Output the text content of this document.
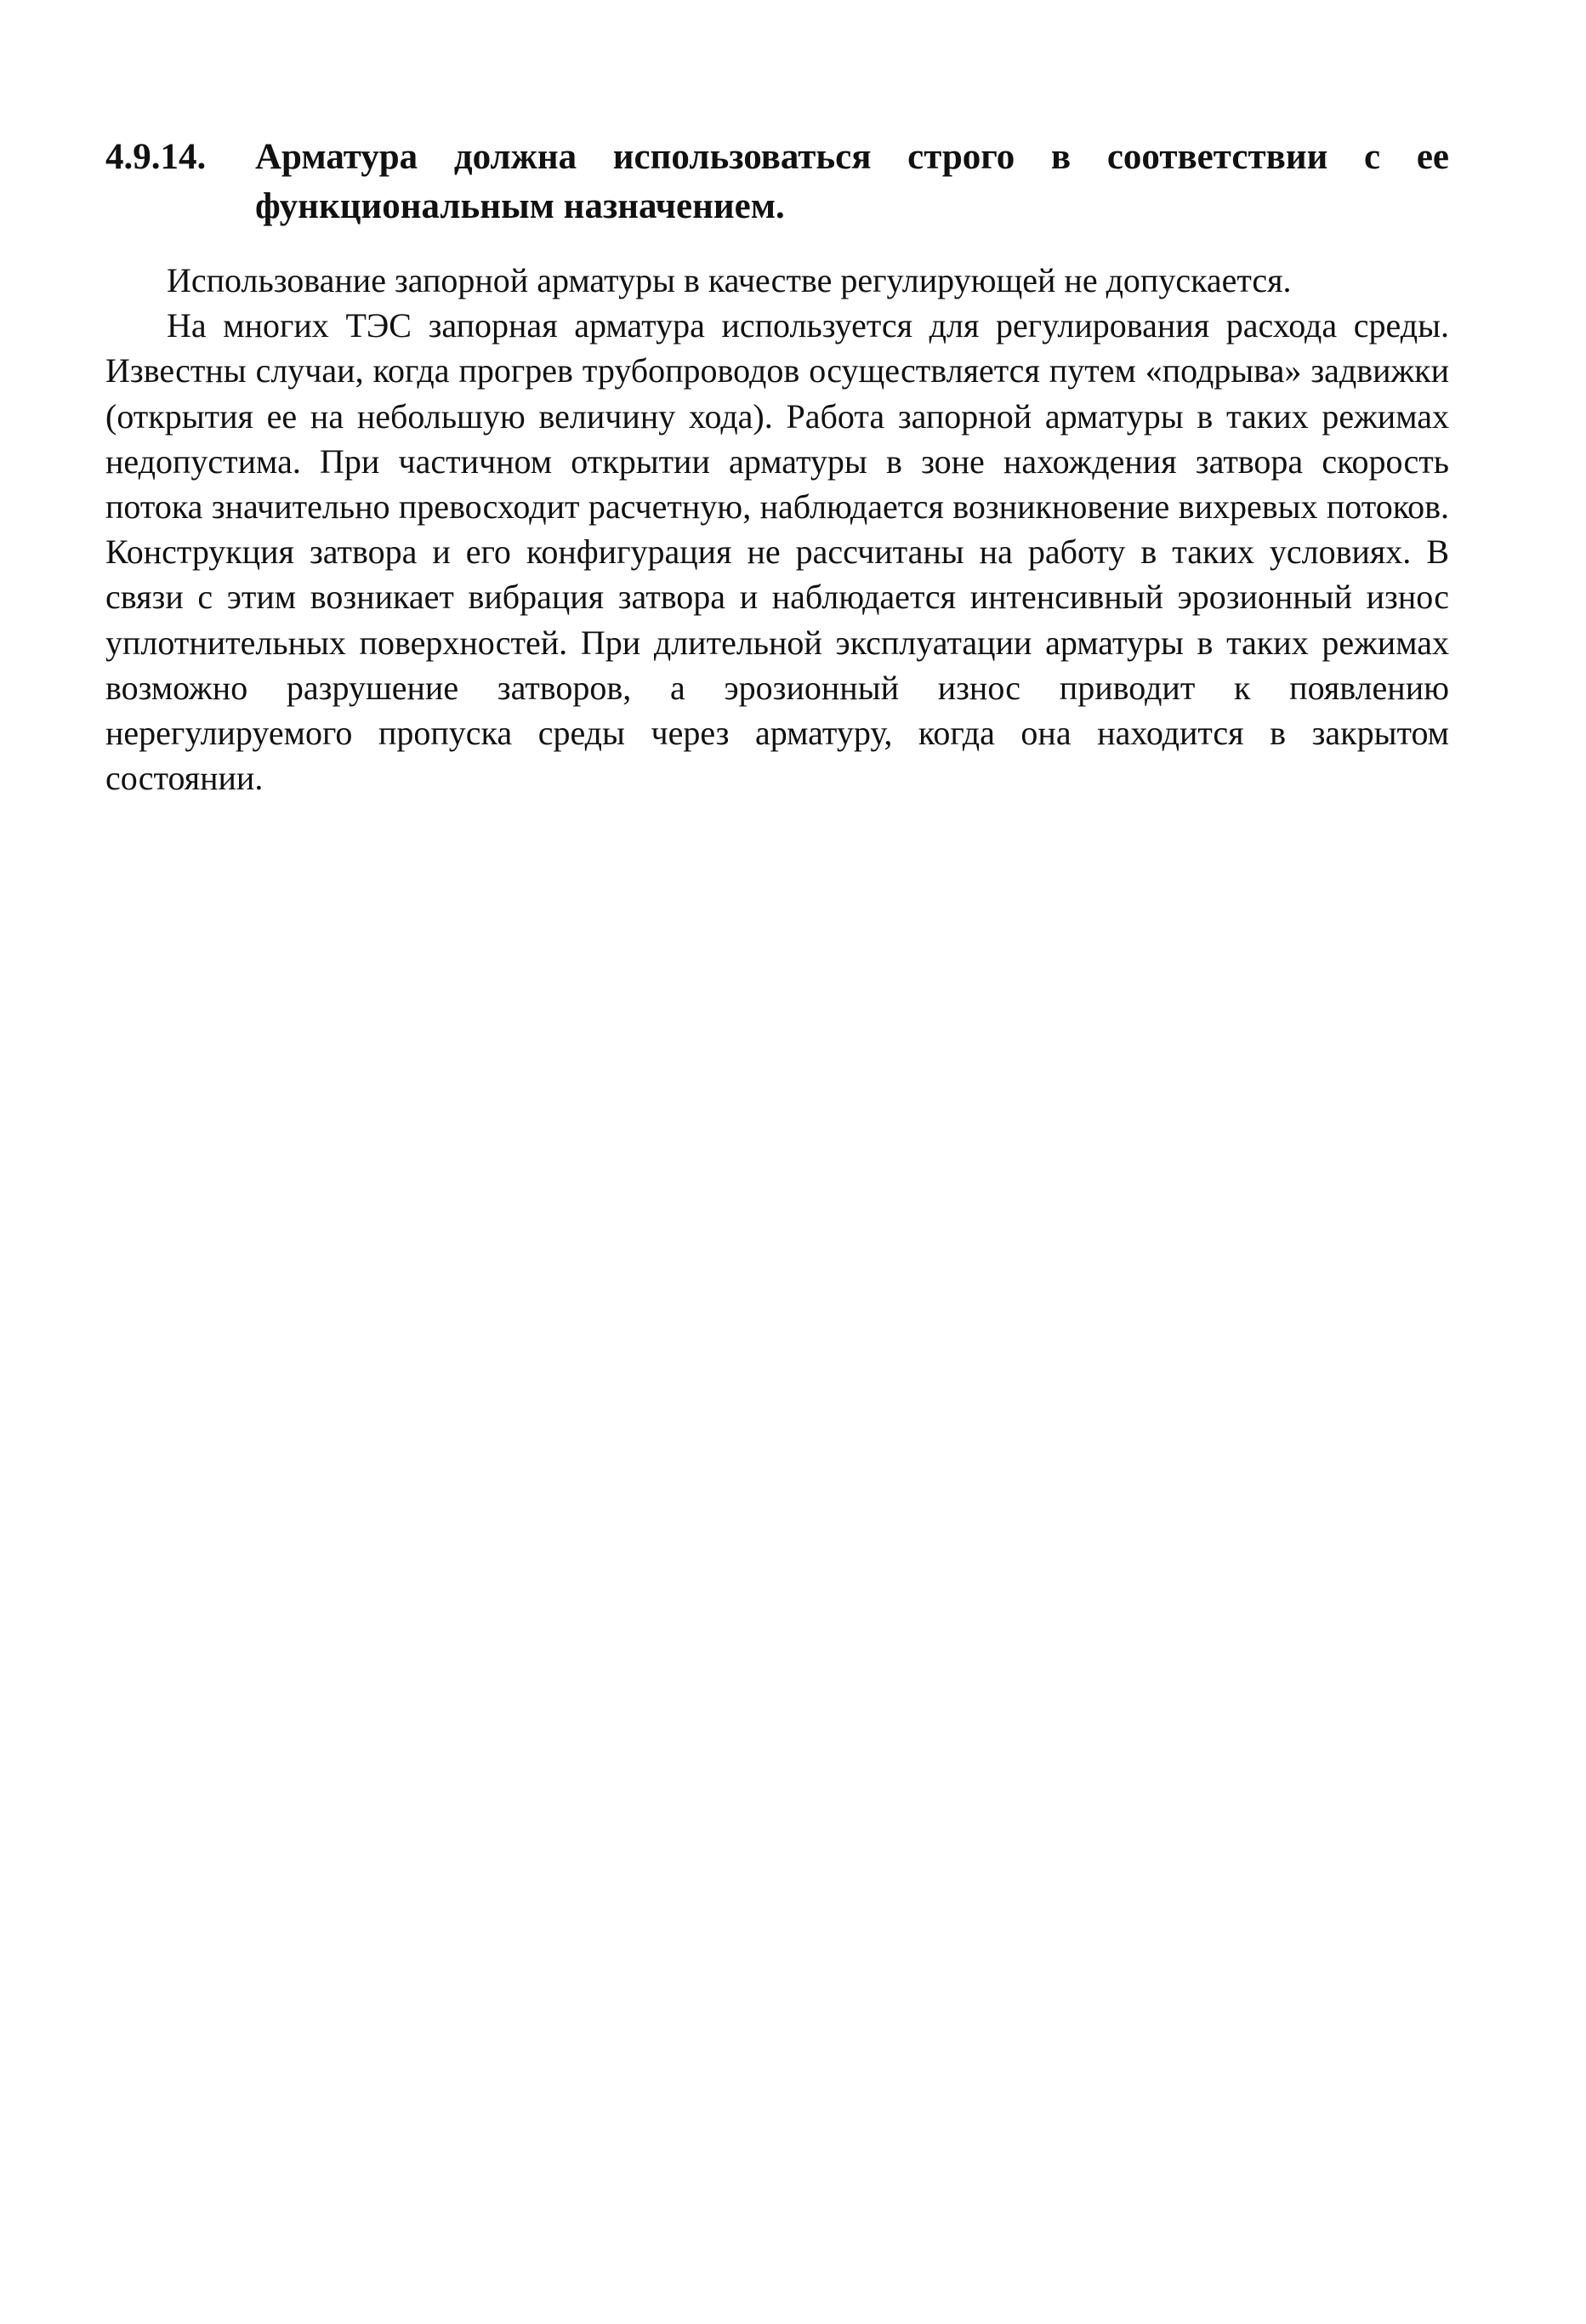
4.9.14.	Арматура должна использоваться строго в соответствии с ее функциональным назначением.

Использование запорной арматуры в качестве регулирующей не допускается.

На многих ТЭС запорная арматура используется для регулирования расхода среды. Известны случаи, когда прогрев трубопроводов осуществляется путем «подрыва» задвижки (открытия ее на небольшую величину хода). Работа запорной арматуры в таких режимах недопустима. При частичном открытии арматуры в зоне нахождения затвора скорость потока значительно превосходит расчетную, наблюдается возникновение вихревых потоков. Конструкция затвора и его конфигурация не рассчитаны на работу в таких условиях. В связи с этим возникает вибрация затвора и наблюдается интенсивный эрозионный износ уплотнительных поверхностей. При длительной эксплуатации арматуры в таких режимах возможно разрушение затворов, а эрозионный износ приводит к появлению нерегулируемого пропуска среды через арматуру, когда она находится в закрытом состоянии.
